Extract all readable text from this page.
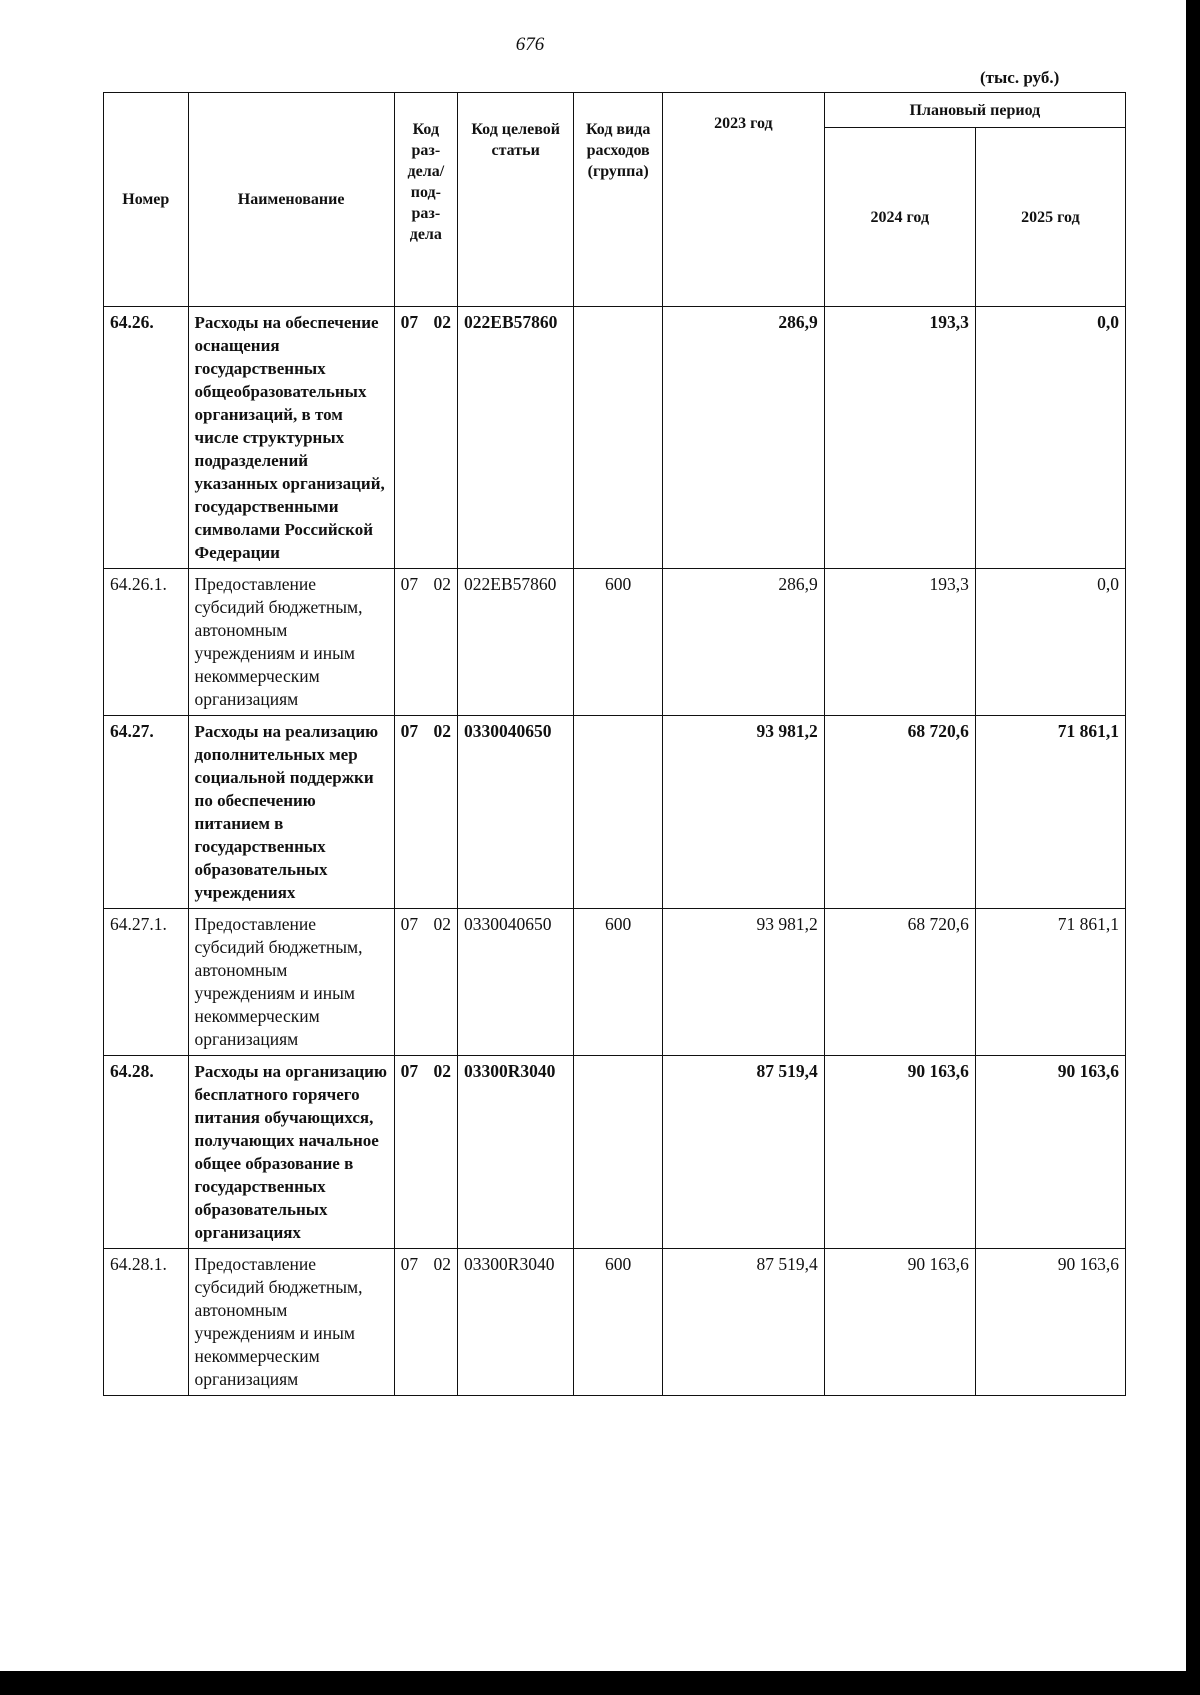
676
(тыс. руб.)
Номер	Наименование	Код раз-дела/ под-раз-дела	Код целевой статьи	Код вида расходов (группа)	2023 год	Плановый период	
						2024 год	2025 год
64.26.	Расходы на обеспечение оснащения государственных общеобразовательных организаций, в том числе структурных подразделений указанных организаций, государственными символами Российской Федерации	07 02	022EB57860		286,9	193,3	0,0
64.26.1.	Предоставление субсидий бюджетным, автономным учреждениям и иным некоммерческим организациям	07 02	022EB57860	600	286,9	193,3	0,0
64.27.	Расходы на реализацию дополнительных мер социальной поддержки по обеспечению питанием в государственных образовательных учреждениях	07 02	0330040650		93 981,2	68 720,6	71 861,1
64.27.1.	Предоставление субсидий бюджетным, автономным учреждениям и иным некоммерческим организациям	07 02	0330040650	600	93 981,2	68 720,6	71 861,1
64.28.	Расходы на организацию бесплатного горячего питания обучающихся, получающих начальное общее образование в государственных образовательных организациях	07 02	03300R3040		87 519,4	90 163,6	90 163,6
64.28.1.	Предоставление субсидий бюджетным, автономным учреждениям и иным некоммерческим организациям	07 02	03300R3040	600	87 519,4	90 163,6	90 163,6
